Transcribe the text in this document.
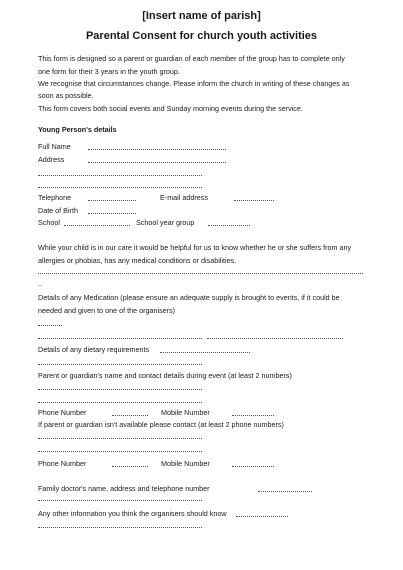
[Insert name of parish]
Parental Consent for church youth activities
This form is designed so a parent or guardian of each member of the group has to complete only
one form for their 3 years in the youth group.
We recognise that circumstances change. Please inform the church in writing of these changes as
soon as possible.
This form covers both social events and Sunday morning events during the service.
Young Person's details
Full Name
Address
Telephone	E-mail address
Date of Birth
School	School year group
While your child is in our care it would be helpful for us to know whether he or she suffers from any
allergies or phobias, has any medical conditions or disabilities.
..
Details of any Medication (please ensure an adequate supply is brought to events, if it could be
needed and given to one of the organisers)
Details of any dietary requirements
Parent or guardian's name and contact details during event (at least 2 numbers)
Phone Number	Mobile Number
If parent or guardian isn't available please contact (at least 2 phone numbers)
Phone Number	Mobile Number
Family doctor's name, address and telephone number
Any other information you think the organisers should know
